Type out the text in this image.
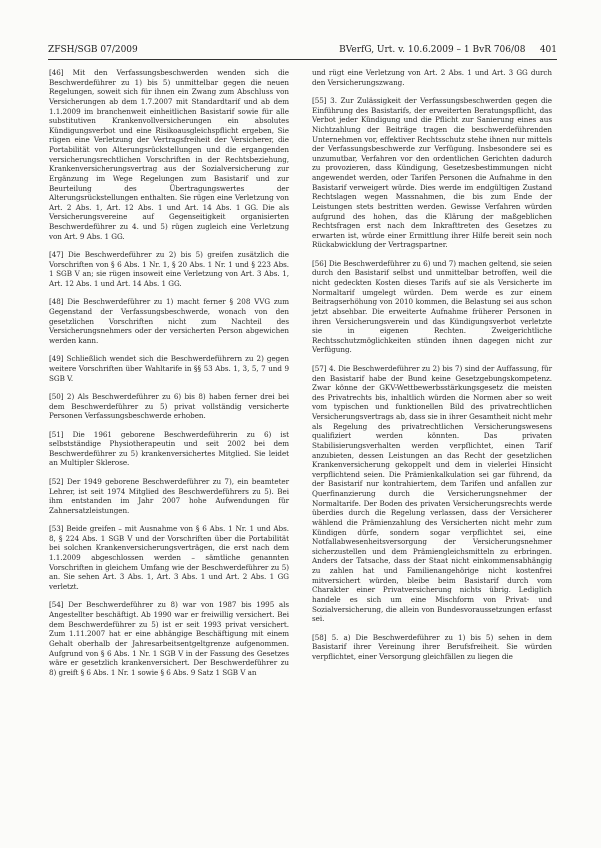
ZFSH/SGB 07/2009	BVerfG, Urt. v. 10.6.2009 – 1 BvR 706/08 401

[46] Mit den Verfassungsbeschwerden wenden sich die Beschwerdeführer zu 1) bis 5) unmittelbar gegen die neuen Regelungen, soweit sich für ihnen ein Zwang zum Abschluss von Versicherungen ab dem 1.7.2007 mit Standardtarif und ab dem 1.1.2009 im branchenweit einheitlichen Basistarif sowie für alle substitutiven Krankenvollversicherungen ein absolutes Kündigungsverbot und eine Risikoausgleichspflicht ergeben, Sie rügen eine Verletzung der Vertragsfreiheit der Versicherer, die Portabilität von Alterungsrückstellungen und die ergangenden versicherungsrechtlichen Vorschriften in der Rechtsbeziehung, Krankenversicherungsvertrag aus der Sozialversicherung zur Ergänzung im Wege Regelungen zum Basistarif und zur Beurteilung des Übertragungswertes der Alterungsrückstellungen enthalten. Sie rügen eine Verletzung von Art. 2 Abs. 1, Art. 12 Abs. 1 und Art. 14 Abs. 1 GG. Die als Versicherungsvereine auf Gegenseitigkeit organisierten Beschwerdeführer zu 4. und 5) rügen zugleich eine Verletzung von Art. 9 Abs. 1 GG.

[47] Die Beschwerdeführer zu 2) bis 5) greifen zusätzlich die Vorschriften von § 6 Abs. 1 Nr. 1, § 20 Abs. 1 Nr. 1 und § 223 Abs. 1 SGB V an; sie rügen insoweit eine Verletzung von Art. 3 Abs. 1, Art. 12 Abs. 1 und Art. 14 Abs. 1 GG.

[48] Die Beschwerdeführer zu 1) macht ferner § 208 VVG zum Gegenstand der Verfassungsbeschwerde, wonach von den gesetzlichen Vorschriften nicht zum Nachteil des Versicherungsnehmers oder der versicherten Person abgewichen werden kann.

[49] Schließlich wendet sich die Beschwerdeführern zu 2) gegen weitere Vorschriften über Wahltarife in §§ 53 Abs. 1, 3, 5, 7 und 9 SGB V.

[50] 2) Als Beschwerdeführer zu 6) bis 8) haben ferner drei bei dem Beschwerdeführer zu 5) privat vollständig versicherte Personen Verfassungsbeschwerde erhoben.

[51] Die 1961 geborene Beschwerdeführerin zu 6) ist selbstständige Physiotherapeutin und seit 2002 bei dem Beschwerdeführer zu 5) krankenversichertes Mitglied. Sie leidet an Multipler Sklerose.

[52] Der 1949 geborene Beschwerdeführer zu 7), ein beamteter Lehrer, ist seit 1974 Mitglied des Beschwerdeführers zu 5). Bei ihm entstanden im Jahr 2007 hohe Aufwendungen für Zahnersatzleistungen.

[53] Beide greifen – mit Ausnahme von § 6 Abs. 1 Nr. 1 und Abs. 8, § 224 Abs. 1 SGB V und der Vorschriften über die Portabilität bei solchen Krankenversicherungsverträgen, die erst nach dem 1.1.2009 abgeschlossen werden – sämtliche genannten Vorschriften in gleichem Umfang wie der Beschwerdeführer zu 5) an. Sie sehen Art. 3 Abs. 1, Art. 3 Abs. 1 und Art. 2 Abs. 1 GG verletzt.

[54] Der Beschwerdeführer zu 8) war von 1987 bis 1995 als Angestellter beschäftigt. Ab 1990 war er freiwillig versichert. Bei dem Beschwerdeführer zu 5) ist er seit 1993 privat versichert. Zum 1.11.2007 hat er eine abhängige Beschäftigung mit einem Gehalt oberhalb der Jahresarbeitsentgeltgrenze aufgenommen. Aufgrund von § 6 Abs. 1 Nr. 1 SGB V in der Fassung des Gesetzes wäre er gesetzlich krankenversichert. Der Beschwerdeführer zu 8) greift § 6 Abs. 1 Nr. 1 sowie § 6 Abs. 9 Satz 1 SGB V an

und rügt eine Verletzung von Art. 2 Abs. 1 und Art. 3 GG durch den Versicherungszwang.

[55] 3. Zur Zulässigkeit der Verfassungsbeschwerden gegen die Einführung des Basistarifs, der erweiterten Beratungspflicht, das Verbot jeder Kündigung und die Pflicht zur Sanierung eines aus Nichtzahlung der Beiträge tragen die beschwerdeführenden Unternehmen vor, effektiver Rechtsschutz stehe ihnen nur mittels der Verfassungsbeschwerde zur Verfügung. Insbesondere sei es unzumutbar, Verfahren vor den ordentlichen Gerichten dadurch zu provozieren, dass Kündigung, Gesetzesbestimmungen nicht angewendet werden, oder Tarifen Personen die Aufnahme in den Basistarif verweigert würde. Dies werde im endgültigen Zustand Rechtslagen wegen Massnahmen, die bis zum Ende der Leistungen stets bestritten werden. Gewisse Verfahren würden aufgrund des hohen, das die Klärung der maßgeblichen Rechtsfragen erst nach dem Inkrafttreten des Gesetzes zu erwarten ist, würde einer Ermittlung ihrer Hilfe bereit sein noch Rückabwicklung der Vertragspartner.

[56] Die Beschwerdeführer zu 6) und 7) machen geltend, sie seien durch den Basistarif selbst und unmittelbar betroffen, weil die nicht gedeckten Kosten dieses Tarifs auf sie als Versicherte im Normaltarif umgelegt würden. Dem werde es zur einem Beitragserhöhung von 2010 kommen, die Belastung sei aus schon jetzt absehbar. Die erweiterte Aufnahme früherer Personen in ihren Versicherungsverein und das Kündigungsverbot verletzte sie in eigenen Rechten. Zweigerichtliche Rechtsschutzmöglichkeiten stünden ihnen dagegen nicht zur Verfügung.

[57] 4. Die Beschwerdeführer zu 2) bis 7) sind der Auffassung, für den Basistarif habe der Bund keine Gesetzgebungskompetenz. Zwar könne der GKV-Wettbewerbsstärkungsgesetz die meisten des Privatrechts bis, inhaltlich würden die Normen aber so weit vom typischen und funktionellen Bild des privatrechtlichen Versicherungsvertrags ab, dass sie in ihrer Gesamtheit nicht mehr als Regelung des privatrechtlichen Versicherungswesens qualifiziert werden könnten. Das privaten Stabilisierungsverhalten werden verpflichtet, einen Tarif anzubieten, dessen Leistungen an das Recht der gesetzlichen Krankenversicherung gekoppelt und dem in vielerlei Hinsicht verpflichtend seien. Die Prämienkalkulation sei gar führend, da der Basistarif nur kontrahiertem, dem Tarifen und anfallen zur Querfinanzierung durch die Versicherungsnehmer der Normaltarife. Der Boden des privaten Versicherungsrechts werde überdies durch die Regelung verlassen, dass der Versicherer wählend die Prämienzahlung des Versicherten nicht mehr zum Kündigen dürfe, sondern sogar verpflichtet sei, eine Notfallabwesenheitsversorgung der Versicherungsnehmer sicherzustellen und dem Prämiengleichsmitteln zu erbringen. Anders der Tatsache, dass der Staat nicht einkommensabhängig zu zahlen hat und Familienangehörige nicht kostenfrei mitversichert würden, bleibe beim Basistarif durch vom Charakter einer Privatversicherung nichts übrig. Lediglich handele es sich um eine Mischform von Privat- und Sozialversicherung, die allein von Bundesvoraussetzungen erfasst sei.

[58] 5. a) Die Beschwerdeführer zu 1) bis 5) sehen in dem Basistarif ihrer Vereinung ihrer Berufsfreiheit. Sie würden verpflichtet, einer Versorgung gleichfällen zu liegen die
